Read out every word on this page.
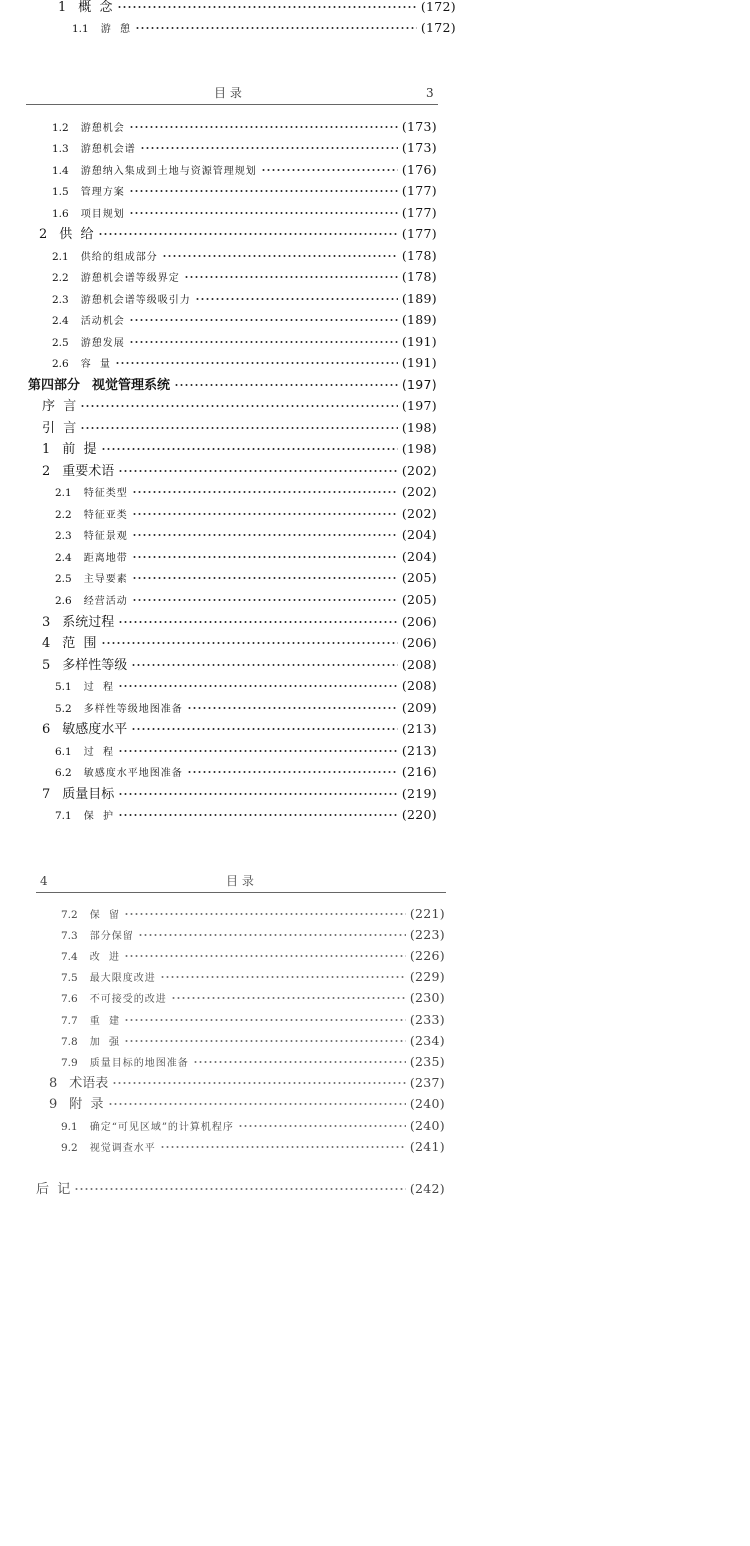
1 概  念	(172)
1.1 游  憩	(172)
目 录	3
1.2 游憩机会	(173)
1.3 游憩机会谱	(173)
1.4 游憩纳入集成到土地与资源管理规划	(176)
1.5 管理方案	(177)
1.6 项目规划	(177)
2 供  给	(177)
2.1 供给的组成部分	(178)
2.2 游憩机会谱等级界定	(178)
2.3 游憩机会谱等级吸引力	(189)
2.4 活动机会	(189)
2.5 游憩发展	(191)
2.6 容  量	(191)
第四部分 视觉管理系统	(197)
序  言	(197)
引  言	(198)
1 前  提	(198)
2 重要术语	(202)
2.1 特征类型	(202)
2.2 特征亚类	(202)
2.3 特征景观	(204)
2.4 距离地带	(204)
2.5 主导要素	(205)
2.6 经营活动	(205)
3 系统过程	(206)
4 范  围	(206)
5 多样性等级	(208)
5.1 过  程	(208)
5.2 多样性等级地图准备	(209)
6 敏感度水平	(213)
6.1 过  程	(213)
6.2 敏感度水平地图准备	(216)
7 质量目标	(219)
7.1 保  护	(220)
4	目 录
7.2 保  留	(221)
7.3 部分保留	(223)
7.4 改  进	(226)
7.5 最大限度改进	(229)
7.6 不可接受的改进	(230)
7.7 重  建	(233)
7.8 加  强	(234)
7.9 质量目标的地图准备	(235)
8 术语表	(237)
9 附  录	(240)
9.1 确定“可见区域”的计算机程序	(240)
9.2 视觉调查水平	(241)
后  记	(242)
